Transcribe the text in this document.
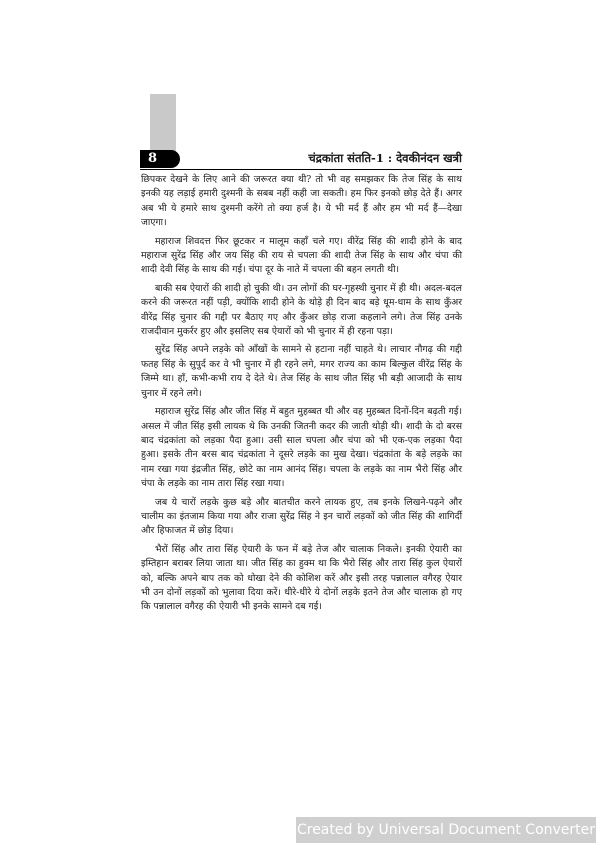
8	चंद्रकांता संतति-1 : देवकीनंदन खत्री

छिपकर देखने के लिए आने की जरूरत क्या थी? तो भी वह समझकर कि तेज सिंह के साथ इनकी यह लड़ाई हमारी दुश्मनी के सबब नहीं कही जा सकती। हम फिर इनको छोड़ देते हैं। अगर अब भी ये हमारे साथ दुश्मनी करेंगे तो क्या हर्ज है। ये भी मर्द हैं और हम भी मर्द हैं—देखा जाएगा।

महाराज शिवदत्त फिर छूटकर न मालूम कहाँ चले गए। वीरेंद्र सिंह की शादी होने के बाद महाराज सुरेंद्र सिंह और जय सिंह की राय से चपला की शादी तेज सिंह के साथ और चंपा की शादी देवी सिंह के साथ की गई। चंपा दूर के नाते में चपला की बहन लगती थी।

बाकी सब ऐयारों की शादी हो चुकी थी। उन लोगों की घर-गृहस्थी चुनार में ही थी। अदल-बदल करने की जरूरत नहीं पड़ी, क्योंकि शादी होने के थोड़े ही दिन बाद बड़े धूम-धाम के साथ कुँअर वीरेंद्र सिंह चुनार की गद्दी पर बैठाए गए और कुँअर छोड़ राजा कहलाने लगे। तेज सिंह उनके राजदीवान मुकर्रर हुए और इसलिए सब ऐयारों को भी चुनार में ही रहना पड़ा।

सुरेंद्र सिंह अपने लड़के को आँखों के सामने से हटाना नहीं चाहते थे। लाचार नौगढ़ की गद्दी फतह सिंह के सुपुर्द कर वे भी चुनार में ही रहने लगे, मगर राज्य का काम बिल्कुल वीरेंद्र सिंह के जिम्मे था। हाँ, कभी-कभी राय दे देते थे। तेज सिंह के साथ जीत सिंह भी बड़ी आजादी के साथ चुनार में रहने लगे।

महाराज सुरेंद्र सिंह और जीत सिंह में बहुत मुहब्बत थी और वह मुहब्बत दिनों-दिन बढ़ती गई। असल में जीत सिंह इसी लायक थे कि उनकी जितनी कदर की जाती थोड़ी थी। शादी के दो बरस बाद चंद्रकांता को लड़का पैदा हुआ। उसी साल चपला और चंपा को भी एक-एक लड़का पैदा हुआ। इसके तीन बरस बाद चंद्रकांता ने दूसरे लड़के का मुख देखा। चंद्रकांता के बड़े लड़के का नाम रखा गया इंद्रजीत सिंह, छोटे का नाम आनंद सिंह। चपला के लड़के का नाम भैरो सिंह और चंपा के लड़के का नाम तारा सिंह रखा गया।

जब ये चारों लड़के कुछ बड़े और बातचीत करने लायक हुए, तब इनके लिखने-पढ़ने और चालीम का इंतजाम किया गया और राजा सुरेंद्र सिंह ने इन चारों लड़कों को जीत सिंह की शागिर्दी और हिफाजत में छोड़ दिया।

भैरों सिंह और तारा सिंह ऐयारी के फन में बड़े तेज और चालाक निकले। इनकी ऐयारी का इम्तिहान बराबर लिया जाता था। जीत सिंह का हुक्म था कि भैरो सिंह और तारा सिंह कुल ऐयारों को, बल्कि अपने बाप तक को धोखा देने की कोशिश करें और इसी तरह पन्नालाल वगैरह ऐयार भी उन दोनों लड़कों को भुलावा दिया करें। धीरे-धीरे ये दोनों लड़के इतने तेज और चालाक हो गए कि पन्नालाल वगैरह की ऐयारी भी इनके सामने दब गई।

Created by Universal Document Converter
